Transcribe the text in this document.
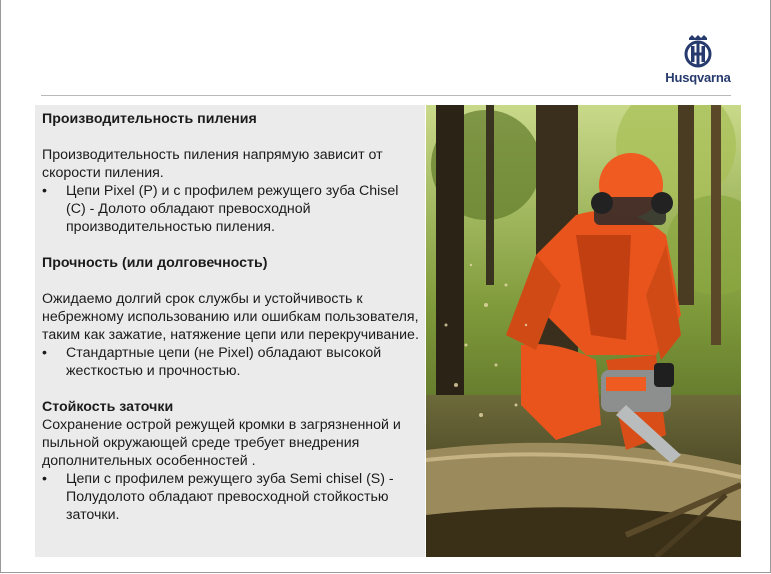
Husqvarna
Производительность пиления
Производительность пиления напрямую зависит от скорости пиления.
• Цепи Pixel (P) и с профилем режущего зуба Chisel (C) - Долото обладают превосходной производительностью пиления.
Прочность (или долговечность)
Ожидаемо долгий срок службы и устойчивость к небрежному использованию или ошибкам пользователя, таким как зажатие, натяжение цепи или перекручивание.
• Стандартные цепи (не Pixel) обладают высокой жесткостью и прочностью.
Стойкость заточки
Сохранение острой режущей кромки в загрязненной и пыльной окружающей среде требует внедрения дополнительных особенностей .
• Цепи с профилем режущего зуба Semi chisel (S) - Полудолото обладают превосходной стойкостью заточки.
